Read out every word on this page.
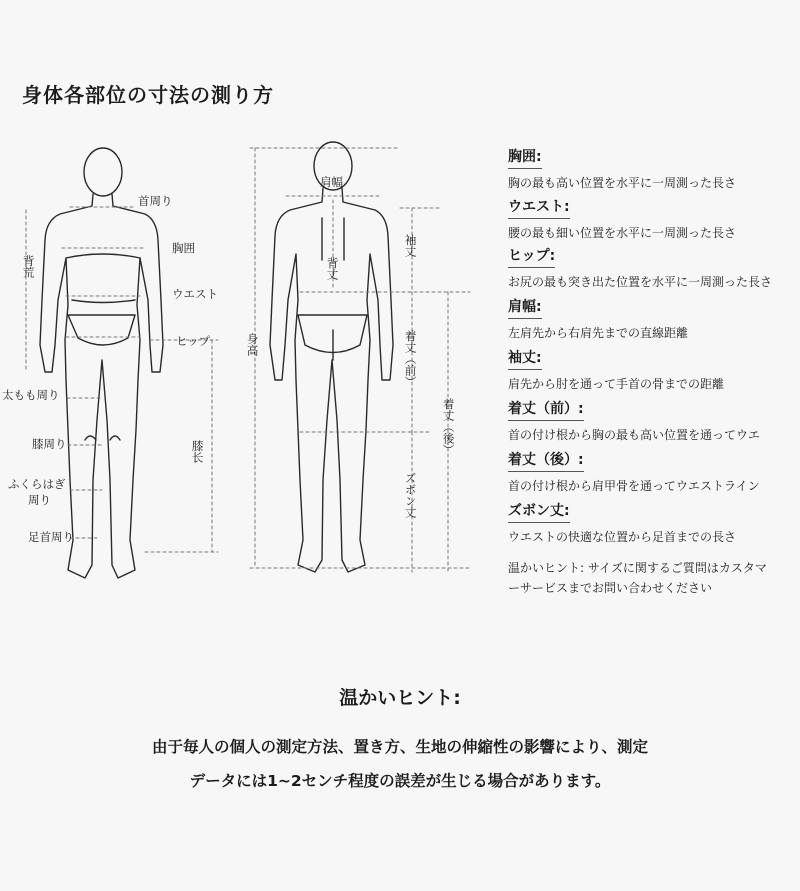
身体各部位の寸法の測り方
首周り
胸囲
ウエスト
ヒップ
太もも周り
膝周り
ふくらはぎ
周り
足首周り
膝长
背荒
肩幅
背丈
身高
袖丈
着丈（前）
着丈（後）
ズボン丈
胸囲:
胸の最も高い位置を水平に一周測った長さ
ウエスト:
腰の最も細い位置を水平に一周測った長さ
ヒップ:
お尻の最も突き出た位置を水平に一周測った長さ
肩幅:
左肩先から右肩先までの直線距離
袖丈:
肩先から肘を通って手首の骨までの距離
着丈（前）:
首の付け根から胸の最も高い位置を通ってウエ
着丈（後）:
首の付け根から肩甲骨を通ってウエストライン
ズボン丈:
ウエストの快適な位置から足首までの長さ
温かいヒント: サイズに関するご質問はカスタマーサービスまでお問い合わせください
温かいヒント:
由于毎人の個人の測定方法、置き方、生地の伸縮性の影響により、測定
データには1~2センチ程度の誤差が生じる場合があります。
